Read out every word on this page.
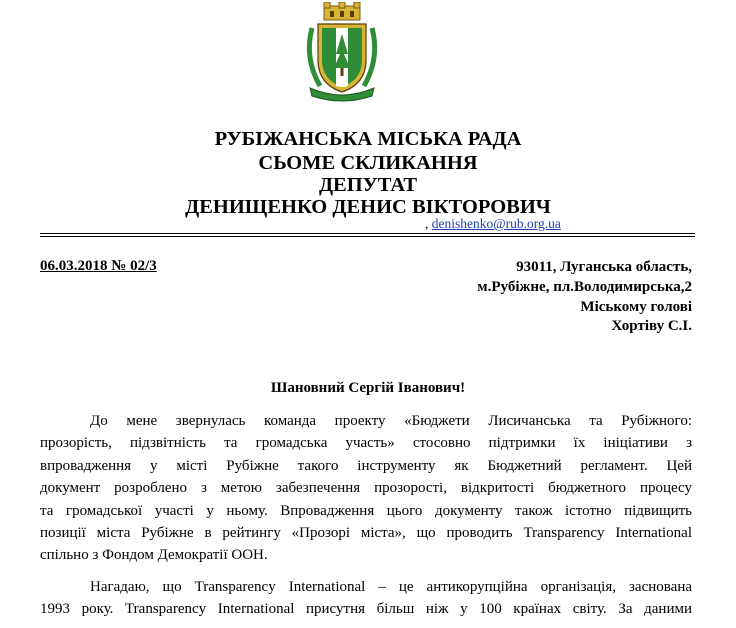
РУБІЖАНСЬКА МІСЬКА РАДА
СЬОМЕ СКЛИКАННЯ
ДЕПУТАТ
ДЕНИЩЕНКО ДЕНИС ВІКТОРОВИЧ
, denishenko@rub.org.ua
06.03.2018 № 02/3	93011, Луганська область,
м.Рубіжне, пл.Володимирська,2
Міському голові
Хортіву С.І.
Шановний Сергій Іванович!
До мене звернулась команда проекту «Бюджети Лисичанська та Рубіжного:
прозорість, підзвітність та громадська участь» стосовно підтримки їх ініціативи з
впровадження у місті Рубіжне такого інструменту як Бюджетний регламент. Цей
документ розроблено з метою забезпечення прозорості, відкритості бюджетного процесу
та громадської участі у ньому. Впровадження цього документу також істотно підвищить
позиції міста Рубіжне в рейтингу «Прозорі міста», що проводить Transparency International
спільно з Фондом Демократії ООН.
Нагадаю, що Transparency International – це антикорупційна організація, заснована
1993 року. Transparency International присутня більш ніж у 100 країнах світу. За даними
